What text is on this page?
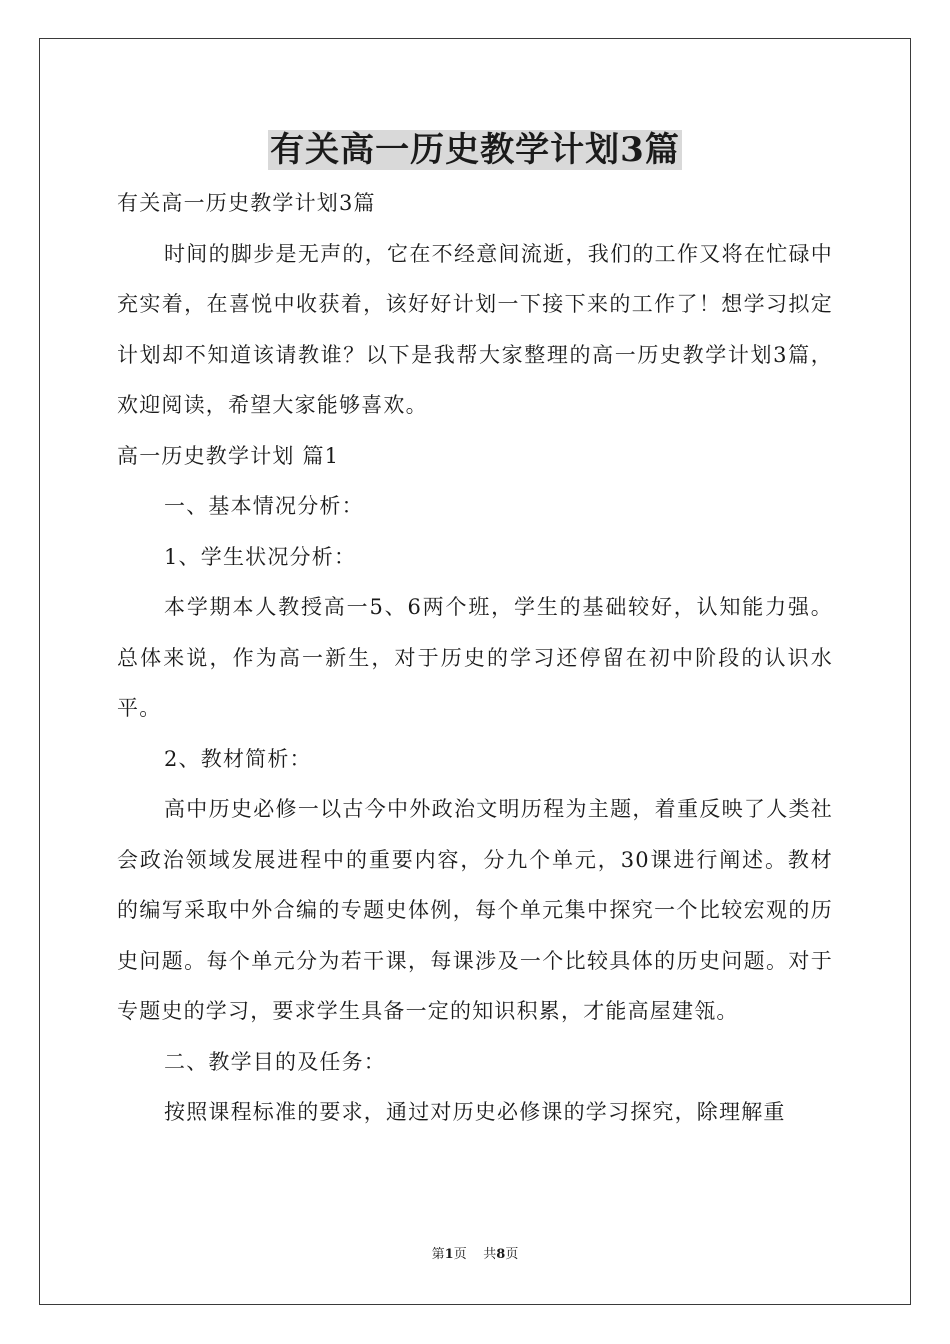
有关高一历史教学计划3篇

有关高一历史教学计划3篇

时间的脚步是无声的，它在不经意间流逝，我们的工作又将在忙碌中充实着，在喜悦中收获着，该好好计划一下接下来的工作了！想学习拟定计划却不知道该请教谁？以下是我帮大家整理的高一历史教学计划3篇，欢迎阅读，希望大家能够喜欢。

高一历史教学计划 篇1

一、基本情况分析：

1、学生状况分析：

本学期本人教授高一5、6两个班，学生的基础较好，认知能力强。总体来说，作为高一新生，对于历史的学习还停留在初中阶段的认识水平。

2、教材简析：

高中历史必修一以古今中外政治文明历程为主题，着重反映了人类社会政治领域发展进程中的重要内容，分九个单元，30课进行阐述。教材的编写采取中外合编的专题史体例，每个单元集中探究一个比较宏观的历史问题。每个单元分为若干课，每课涉及一个比较具体的历史问题。对于专题史的学习，要求学生具备一定的知识积累，才能高屋建瓴。

二、教学目的及任务：

按照课程标准的要求，通过对历史必修课的学习探究，除理解重

第1页 共8页
